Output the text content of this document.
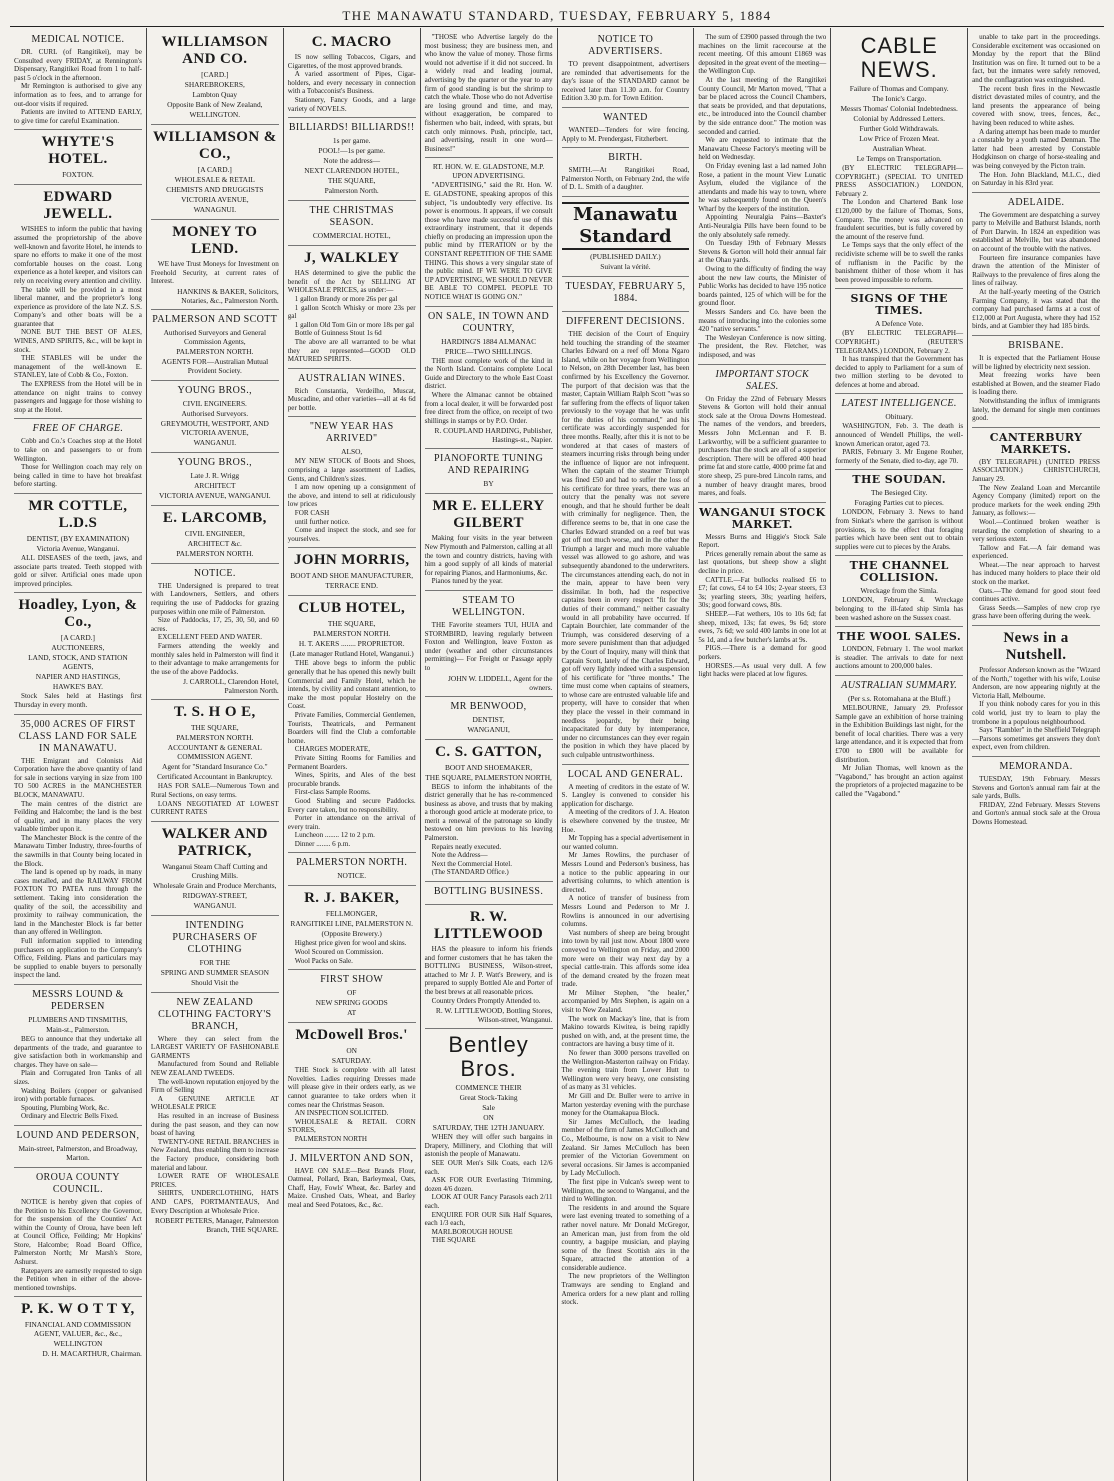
THE MANAWATU STANDARD, TUESDAY, FEBRUARY 5, 1884
MEDICAL NOTICE.

DR. CURL (of Rangitikei), may be Consulted every FRIDAY, at Rennington's Dispensary, Rangitikei Road from 1 to half-past 5 o'clock in the afternoon.

Mr Remington is authorised to give any information as to fees, and to arrange for out-door visits if required.

Patients are invited to ATTEND EARLY, to give time for careful Examination.

WHYTE'S HOTEL.
FOXTON.
EDWARD JEWELL.

WISHES to inform the public that having assumed the proprietorship of the above well-known and favorite Hotel, he intends to spare no efforts to make it one of the most comfortable houses on the coast. Long experience as a hotel keeper, and visitors can rely on receiving every attention and civility.

The table will be provided in a most liberal manner, and the proprietor's long experience as providore of the late N.Z. S.S. Company's and other boats will be a guarantee that

NONE BUT THE BEST OF ALES, WINES, AND SPIRITS, &c., will be kept in stock.

THE STABLES will be under the management of the well-known E. STANLEY, late of Cobb & Co., Foxton.

The EXPRESS from the Hotel will be in attendance on night trains to convey passengers and luggage for those wishing to stop at the Hotel.

FREE OF CHARGE.

Cobb and Co.'s Coaches stop at the Hotel to take on and passengers to or from Wellington.

Those for Wellington coach may rely on being called in time to have hot breakfast before starting.

MR COTTLE, L.D.S
DENTIST, (BY EXAMINATION)
Victoria Avenue, Wanganui.

ALL DISEASES of the teeth, jaws, and associate parts treated. Teeth stopped with gold or silver. Artificial ones made upon improved principles.

Hoadley, Lyon, & Co.,
[A CARD.]
AUCTIONEERS,
LAND, STOCK, AND STATION AGENTS,
NAPIER AND HASTINGS,
HAWKE'S BAY.

Stock Sales held at Hastings first Thursday in every month.

35,000 ACRES OF FIRST CLASS LAND FOR SALE IN MANAWATU.

THE Emigrant and Colonists Aid Corporation have the above quantity of land for sale in sections varying in size from 100 TO 500 ACRES in the MANCHESTER BLOCK, MANAWATU.

The main centres of the district are Feilding and Halcombe; the land is the best of quality, and in many places the very valuable timber upon it.

The Manchester Block is the centre of the Manawatu Timber Industry, three-fourths of the sawmills in that County being located in the Block.

The land is opened up by roads, in many cases metalled, and the RAILWAY FROM FOXTON TO PATEA runs through the settlement. Taking into consideration the quality of the soil, the accessibility and proximity to railway communication, the land in the Manchester Block is far better than any offered in Wellington.

Full information supplied to intending purchasers on application to the Company's Office, Feilding. Plans and particulars may be supplied to enable buyers to personally inspect the land.

MESSRS LOUND & PEDERSEN
PLUMBERS AND TINSMITHS,
Main-st., Palmerston.

BEG to announce that they undertake all departments of the trade, and guarantee to give satisfaction both in workmanship and charges. They have on sale—

Plain and Corrugated Iron Tanks of all sizes.

Washing Boilers (copper or galvanised iron) with portable furnaces.

Spouting, Plumbing Work, &c.

Ordinary and Electric Bells Fixed.

LOUND AND PEDERSON,
Main-street, Palmerston, and Broadway, Marton.
OROUA COUNTY COUNCIL.

NOTICE is hereby given that copies of the Petition to his Excellency the Governor, for the suspension of the Counties' Act within the County of Oroua, have been left at Council Office, Feilding; Mr Hopkins' Store, Halcombe; Road Board Office, Palmerston North; Mr Marsh's Store, Ashurst.

Ratepayers are earnestly requested to sign the Petition when in either of the above-mentioned townships.

P. K. W O T T Y,
FINANCIAL AND COMMISSION AGENT, VALUER, &c., &c.,
WELLINGTON
D. H. MACARTHUR, Chairman.
WILLIAMSON AND CO.
[CARD.]
SHAREBROKERS,
Lambton Quay
Opposite Bank of New Zealand,
WELLINGTON.
WILLIAMSON & CO.,
[A CARD.]
WHOLESALE & RETAIL
CHEMISTS AND DRUGGISTS
VICTORIA AVENUE,
WANAGNUI.
MONEY TO LEND.

WE have Trust Moneys for Investment on Freehold Security, at current rates of Interest.

HANKINS & BAKER, Solicitors, Notaries, &c., Palmerston North.
PALMERSON AND SCOTT
Authorised Surveyors and General Commission Agents,
PALMERSTON NORTH.
AGENTS FOR—Australian Mutual Provident Society.
YOUNG BROS.,
CIVIL ENGINEERS.
Authorised Surveyors.
GREYMOUTH, WESTPORT, AND VICTORIA AVENUE,
WANGANUI.
YOUNG BROS.,
Late J. R. Wrigg
ARCHITECT
VICTORIA AVENUE, WANGANUI.
E. LARCOMB,
CIVIL ENGINEER,
ARCHITECT &c.
PALMERSTON NORTH.
NOTICE.

THE Undersigned is prepared to treat with Landowners, Settlers, and others requiring the use of Paddocks for grazing purposes within one mile of Palmerston.

Size of Paddocks, 17, 25, 30, 50, and 60 acres.

EXCELLENT FEED AND WATER.

Farmers attending the weekly and monthly sales held in Palmerston will find it to their advantage to make arrangements for the use of the above Paddocks.

J. CARROLL, Clarendon Hotel, Palmerston North.
T. S. H O E,
THE SQUARE,
PALMERSTON NORTH.
ACCOUNTANT & GENERAL COMMISSION AGENT.
Agent for "Standard Insurance Co."
Certificated Accountant in Bankruptcy.

HAS FOR SALE—Numerous Town and Rural Sections, on easy terms.

LOANS NEGOTIATED AT LOWEST CURRENT RATES

WALKER AND PATRICK,
Wanganui Steam Chaff Cutting and Crushing Mills.
Wholesale Grain and Produce Merchants,
RIDGWAY-STREET,
WANGANUI.
INTENDING PURCHASERS OF CLOTHING
FOR THE
SPRING AND SUMMER SEASON
Should Visit the
NEW ZEALAND CLOTHING FACTORY'S BRANCH,

Where they can select from the LARGEST VARIETY OF FASHIONABLE GARMENTS

Manufactured from Sound and Reliable NEW ZEALAND TWEEDS.

The well-known reputation enjoyed by the Firm of Selling

A GENUINE ARTICLE AT WHOLESALE PRICE

Has resulted in an increase of Business during the past season, and they can now boast of having

TWENTY-ONE RETAIL BRANCHES in New Zealand, thus enabling them to increase the Factory produce, considering both material and labour.

LOWER RATE OF WHOLESALE PRICES.

SHIRTS, UNDERCLOTHING, HATS AND CAPS, PORTMANTEAUS, And Every Description at Wholesale Price.

ROBERT PETERS, Manager, Palmerston Branch, THE SQUARE.
C. MACRO

IS now selling Tobaccos, Cigars, and Cigarettes, of the most approved brands.

A varied assortment of Pipes, Cigar-holders, and every necessary in connection with a Tobacconist's Business.

Stationery, Fancy Goods, and a large variety of NOVELS.

BILLIARDS! BILLIARDS!!
1s per game.
POOL!—1s per game.
Note the address—
NEXT CLARENDON HOTEL,
THE SQUARE,
Palmerston North.
THE CHRISTMAS SEASON.
COMMERCIAL HOTEL,
J, WALKLEY

HAS determined to give the public the benefit of the Act by SELLING AT WHOLESALE PRICES, as under:—

1 gallon Brandy or more 26s per gal

1 gallon Scotch Whisky or more 23s per gal

1 gallon Old Tom Gin or more 18s per gal

Bottle of Guinness Stout 1s 6d

The above are all warranted to be what they are represented—GOOD OLD MATURED SPIRITS.

AUSTRALIAN WINES.

Rich Constantia, Verdeilho, Muscat, Muscadine, and other varieties—all at 4s 6d per bottle.

"NEW YEAR HAS ARRIVED"
ALSO,

MY NEW STOCK of Boots and Shoes, comprising a large assortment of Ladies, Gents, and Children's sizes.

I am now opening up a consignment of the above, and intend to sell at ridiculously low prices

FOR CASH

until further notice.

Come and inspect the stock, and see for yourselves.

JOHN MORRIS,
BOOT AND SHOE MANUFACTURER,
TERRACE END.
CLUB HOTEL,
THE SQUARE,
PALMERSTON NORTH.
H. T. AKERS ........ PROPRIETOR.
(Late manager Rutland Hotel, Wanganui.)

THE above begs to inform the public generally that he has opened this newly built Commercial and Family Hotel, which he intends, by civility and constant attention, to make the most popular Hostelry on the Coast.

Private Families, Commercial Gentlemen, Tourists, Theatricals, and Permanent Boarders will find the Club a comfortable home.

CHARGES MODERATE,

Private Sitting Rooms for Families and Permanent Boarders.

Wines, Spirits, and Ales of the best procurable brands.

First-class Sample Rooms.

Good Stabling and secure Paddocks. Every care taken, but no responsibility.

Porter in attendance on the arrival of every train.

Luncheon ........ 12 to 2 p.m.

Dinner ........ 6 p.m.

PALMERSTON NORTH.
NOTICE.
R. J. BAKER,
FELLMONGER,
RANGITIKEI LINE, PALMERSTON N.
(Opposite Brewery.)

Highest price given for wool and skins.

Wool Scoured on Commission.

Wool Packs on Sale.

FIRST SHOW
OF
NEW SPRING GOODS
AT
McDowell Bros.'
ON
SATURDAY.

THE Stock is complete with all latest Novelties. Ladies requiring Dresses made will please give in their orders early, as we cannot guarantee to take orders when it comes near the Christmas Season.

AN INSPECTION SOLICITED.

WHOLESALE & RETAIL CORN STORES,

PALMERSTON NORTH

J. MILVERTON AND SON,

HAVE ON SALE—Best Brands Flour, Oatmeal, Pollard, Bran, Barleymeal, Oats, Chaff, Hay, Fowls' Wheat, &c. Barley and Maize. Crushed Oats, Wheat, and Barley meal and Seed Potatoes, &c., &c.

"THOSE who Advertise largely do the most business; they are business men, and who know the value of money. Those firms would not advertise if it did not succeed. In a widely read and leading journal, advertising by the quarter or the year to any firm of good standing is but the shrimp to catch the whale. Those who do not Advertise are losing ground and time, and may, without exaggeration, be compared to fishermen who bait, indeed, with sprats, but catch only minnows. Push, principle, tact, and advertising, result in one word— Business!"

RT. HON. W. E. GLADSTONE, M.P. UPON ADVERTISING.

"ADVERTISING," said the Rt. Hon. W. E. GLADSTONE, speaking apropos of this subject, "is undoubtedly very effective. Its power is enormous. It appears, if we consult those who have made successful use of this extraordinary instrument, that it depends chiefly on producing an impression upon the public mind by ITERATION or by the CONSTANT REPETITION OF THE SAME THING. This shows a very singular state of the public mind. IF WE WERE TO GIVE UP ADVERTISING, WE SHOULD NEVER BE ABLE TO COMPEL PEOPLE TO NOTICE WHAT IS GOING ON."

ON SALE, IN TOWN AND COUNTRY,
HARDING'S 1884 ALMANAC
PRICE—TWO SHILLINGS.

THE most complete work of the kind in the North Island. Contains complete Local Guide and Directory to the whole East Coast district.

Where the Almanac cannot be obtained from a local dealer, it will be forwarded post free direct from the office, on receipt of two shillings in stamps or by P.O. Order.

R. COUPLAND HARDING, Publisher, Hastings-st., Napier.
PIANOFORTE TUNING AND REPAIRING
BY
MR E. ELLERY GILBERT

Making four visits in the year between New Plymouth and Palmerston, calling at all the town and country districts, having with him a good supply of all kinds of material for repairing Pianos, and Harmoniums, &c.

Pianos tuned by the year.

STEAM TO WELLINGTON.

THE Favorite steamers TUI, HUIA and STORMBIRD, leaving regularly between Foxton and Wellington, leave Foxton as under (weather and other circumstances permitting)— For Freight or Passage apply to

JOHN W. LIDDELL, Agent for the owners.
MR BENWOOD,
DENTIST,
WANGANUI,
C. S. GATTON,
BOOT AND SHOEMAKER,
THE SQUARE, PALMERSTON NORTH,

BEGS to inform the inhabitants of the district generally that he has re-commenced business as above, and trusts that by making a thorough good article at moderate price, to merit a renewal of the patronage so kindly bestowed on him previous to his leaving Palmerston.

Repairs neatly executed.

Note the Address—

Next the Commercial Hotel.

(The STANDARD Office.)

BOTTLING BUSINESS.
R. W. LITTLEWOOD

HAS the pleasure to inform his friends and former customers that he has taken the BOTTLING BUSINESS, Wilson-street, attached to Mr J. P. Watt's Brewery, and is prepared to supply Bottled Ale and Porter of the best brews at all reasonable prices.

Country Orders Promptly Attended to.

R. W. LITTLEWOOD, Bottling Stores, Wilson-street, Wanganui.
Bentley Bros.
COMMENCE THEIR
Great Stock-Taking
Sale
ON
SATURDAY, THE 12TH JANUARY.

WHEN they will offer such bargains in Drapery, Millinery, and Clothing that will astonish the people of Manawatu.

SEE OUR Men's Silk Coats, each 12/6 each.

ASK FOR OUR Everlasting Trimming, dozen 4/6 dozen.

LOOK AT OUR Fancy Parasols each 2/11 each.

ENQUIRE FOR OUR Silk Half Squares, each 1/3 each,

MARLBOROUGH HOUSE

THE SQUARE

NOTICE TO ADVERTISERS.

TO prevent disappointment, advertisers are reminded that advertisements for the day's issue of the STANDARD cannot be received later than 11.30 a.m. for Country Edition 3.30 p.m. for Town Edition.

WANTED

WANTED—Tenders for wire fencing. Apply to M. Prendergast, Fitzherbert.

BIRTH.

SMITH.—At Rangitikei Road, Palmerston North, on February 2nd, the wife of D. L. Smith of a daughter.

Manawatu Standard
(PUBLISHED DAILY.)
Suivant la vérité.
TUESDAY, FEBRUARY 5, 1884.
DIFFERENT DECISIONS.

THE decision of the Court of Enquiry held touching the stranding of the steamer Charles Edward on a reef off Mona Ngaro Island, while on her voyage from Wellington to Nelson, on 28th December last, has been confirmed by his Excellency the Governor. The purport of that decision was that the master, Captain William Ralph Scott "was so far suffering from the effects of liquor taken previously to the voyage that he was unfit for the duties of his command," and his certificate was accordingly suspended for three months. Really, after this it is not to be wondered at that cases of masters of steamers incurring risks through being under the influence of liquor are not infrequent. When the captain of the steamer Triumph was fined £50 and had to suffer the loss of his certificate for three years, there was an outcry that the penalty was not severe enough, and that he should further be dealt with criminally for negligence. Then, the difference seems to be, that in one case the Charles Edward stranded on a reef but was got off not much worse, and in the other the Triumph a larger and much more valuable vessel was allowed to go ashore, and was subsequently abandoned to the underwriters. The circumstances attending each, do not in the main, appear to have been very dissimilar. In both, had the respective captains been in every respect "fit for the duties of their command," neither casualty would in all probability have occurred. If Captain Bourchier, late commander of the Triumph, was considered deserving of a more severe punishment than that adjudged by the Court of Inquiry, many will think that Captain Scott, lately of the Charles Edward, got off very lightly indeed with a suspension of his certificate for "three months." The time must come when captains of steamers, to whose care are entrusted valuable life and property, will have to consider that when they place the vessel in their command in needless jeopardy, by their being incapacitated for duty by intemperance, under no circumstances can they ever regain the position in which they have placed by such culpable untrustworthiness.

LOCAL AND GENERAL.

A meeting of creditors in the estate of W. S. Langley is convened to consider his application for discharge.

A meeting of the creditors of J. A. Heaton is elsewhere convened by the trustee, Mr Hoe.

Mr Topping has a special advertisement in our wanted column.

Mr James Rowlins, the purchaser of Messrs Lound and Pederson's business, has a notice to the public appearing in our advertising columns, to which attention is directed.

A notice of transfer of business from Messrs Lound and Pederson to Mr J. Rowlins is announced in our advertising columns.

Vast numbers of sheep are being brought into town by rail just now. About 1800 were conveyed to Wellington on Friday, and 2000 more were on their way next day by a special cattle-train. This affords some idea of the demand created by the frozen meat trade.

Mr Milner Stephen, "the healer," accompanied by Mrs Stephen, is again on a visit to New Zealand.

The work on Mackay's line, that is from Makino towards Kiwitea, is being rapidly pushed on with, and, at the present time, the contractors are having a busy time of it.

No fewer than 3000 persons travelled on the Wellington-Masterton railway on Friday. The evening train from Lower Hutt to Wellington were very heavy, one consisting of as many as 31 vehicles.

Mr Gill and Dr. Buller were to arrive in Marton yesterday evening with the purchase money for the Otamakapua Block.

Sir James McCulloch, the leading member of the firm of James McCulloch and Co., Melbourne, is now on a visit to New Zealand. Sir James McCulloch has been premier of the Victorian Government on several occasions. Sir James is accompanied by Lady McCulloch.

The first pipe in Vulcan's sweep went to Wellington, the second to Wanganui, and the third to Wellington.

The residents in and around the Square were last evening treated to something of a rather novel nature. Mr Donald McGregor, an American man, just from from the old country, a bagpipe musician, and playing some of the finest Scottish airs in the Square, attracted the attention of a considerable audience.

The new proprietors of the Wellington Tramways are sending to England and America orders for a new plant and rolling stock.

The sum of £3900 passed through the two machines on the limit racecourse at the recent meeting. Of this amount £1869 was deposited in the great event of the meeting—the Wellington Cup.

At the last meeting of the Rangitikei County Council, Mr Marton moved, "That a bar be placed across the Council Chambers, that seats be provided, and that deputations, etc., be introduced into the Council chamber by the side entrance door." The motion was seconded and carried.

We are requested to intimate that the Manawatu Cheese Factory's meeting will be held on Wednesday.

On Friday evening last a lad named John Rose, a patient in the mount View Lunatic Asylum, eluded the vigilance of the attendants and made his way to town, where he was subsequently found on the Queen's Wharf by the keepers of the institution.

Appointing Neuralgia Pains—Baxter's Anti-Neuralgia Pills have been found to be the only absolutely safe remedy.

On Tuesday 19th of February Messrs Stevens & Gorton will hold their annual fair at the Ohau yards.

Owing to the difficulty of finding the way about the new law courts, the Minister of Public Works has decided to have 195 notice boards painted, 125 of which will be for the ground floor.

Messrs Sanders and Co. have been the means of introducing into the colonies some 420 "native servants."

The Wesleyan Conference is now sitting. The president, the Rev. Fletcher, was indisposed, and was

IMPORTANT STOCK SALES.

On Friday the 22nd of February Messrs Stevens & Gorton will hold their annual stock sale at the Oroua Downs Homestead. The names of the vendors, and breeders, Messrs John McLennan and F. B. Larkworthy, will be a sufficient guarantee to purchasers that the stock are all of a superior description. There will be offered 400 head prime fat and store cattle, 4000 prime fat and store sheep, 25 pure-bred Lincoln rams, and a number of heavy draught mares, brood mares, and foals.

WANGANUI STOCK MARKET.

Messrs Burns and Higgie's Stock Sale Report.

Prices generally remain about the same as last quotations, but sheep show a slight decline in price.

CATTLE.—Fat bullocks realised £6 to £7; fat cows, £4 to £4 10s; 2-year steers, £3 3s; yearling steers, 30s; yearling heifers, 30s; good forward cows, 80s.

SHEEP.—Fat wethers, 10s to 10s 6d; fat sheep, mixed, 13s; fat ewes, 9s 6d; store ewes, 7s 6d; we sold 400 lambs in one lot at 5s 1d, and a few butcher's lambs at 9s.

PIGS.—There is a demand for good porkers.

HORSES.—As usual very dull. A few light hacks were placed at low figures.

CABLE NEWS.
Failure of Thomas and Company.
The Ionic's Cargo.
Messrs Thomas' Colonial Indebtedness.
Colonial by Addressed Letters.
Further Gold Withdrawals.
Low Price of Frozen Meat.
Australian Wheat.
Le Temps on Transportation.

(BY ELECTRIC TELEGRAPH—COPYRIGHT.) (SPECIAL TO UNITED PRESS ASSOCIATION.) LONDON, February 2.

The London and Chartered Bank lose £120,000 by the failure of Thomas, Sons, Company. The money was advanced on fraudulent securities, but is fully covered by the amount of the reserve fund.

Le Temps says that the only effect of the recidiviste scheme will be to swell the ranks of ruffianism in the Pacific by the banishment thither of those whom it has been proved impossible to reform.

SIGNS OF THE TIMES.
A Defence Vote.

(BY ELECTRIC TELEGRAPH—COPYRIGHT.) (REUTER'S TELEGRAMS.) LONDON, February 2.

It has transpired that the Government has decided to apply to Parliament for a sum of two million sterling to be devoted to defences at home and abroad.

LATEST INTELLIGENCE.
Obituary.

WASHINGTON, Feb. 3. The death is announced of Wendell Phillips, the well-known American orator, aged 73.

PARIS, February 3. Mr Eugene Rouher, formerly of the Senate, died to-day, age 70.

THE SOUDAN.
The Besieged City.
Foraging Parties cut to pieces.

LONDON, February 3. News to hand from Sinkat's where the garrison is without provisions, is to the effect that foraging parties which have been sent out to obtain supplies were cut to pieces by the Arabs.

THE CHANNEL COLLISION.
Wreckage from the Simla.

LONDON, February 4. Wreckage belonging to the ill-fated ship Simla has been washed ashore on the Sussex coast.

THE WOOL SALES.

LONDON, February 1. The wool market is steadier. The arrivals to date for next auctions amount to 200,000 bales.

AUSTRALIAN SUMMARY.
(Per s.s. Rotomahana at the Bluff.)

MELBOURNE, January 29. Professor Sample gave an exhibition of horse training in the Exhibition Buildings last night, for the benefit of local charities. There was a very large attendance, and it is expected that from £700 to £800 will be available for distribution.

Mr Julian Thomas, well known as the "Vagabond," has brought an action against the proprietors of a projected magazine to be called the "Vagabond."

unable to take part in the proceedings. Considerable excitement was occasioned on Monday by the report that the Blind Institution was on fire. It turned out to be a fact, but the inmates were safely removed, and the conflagration was extinguished.

The recent bush fires in the Newcastle district devastated miles of country, and the land presents the appearance of being covered with snow, trees, fences, &c., having been reduced to white ashes.

A daring attempt has been made to murder a constable by a youth named Denman. The latter had been arrested by Constable Hodgkinson on charge of horse-stealing and was being conveyed by the Picton train.

The Hon. John Blackland, M.L.C., died on Saturday in his 83rd year.

ADELAIDE.

The Government are despatching a survey party to Melville and Bathurst Islands, north of Port Darwin. In 1824 an expedition was established at Melville, but was abandoned on account of the trouble with the natives.

Fourteen fire insurance companies have drawn the attention of the Minister of Railways to the prevalence of fires along the lines of railway.

At the half-yearly meeting of the Ostrich Farming Company, it was stated that the company had purchased farms at a cost of £12,000 at Port Augusta, where they had 152 birds, and at Gambier they had 185 birds.

BRISBANE.

It is expected that the Parliament House will be lighted by electricity next session.

Meat freezing works have been established at Bowen, and the steamer Fiado is loading there.

Notwithstanding the influx of immigrants lately, the demand for single men continues good.

CANTERBURY MARKETS.

(BY TELEGRAPH.) (UNITED PRESS ASSOCIATION.) CHRISTCHURCH, January 29.

The New Zealand Loan and Mercantile Agency Company (limited) report on the produce markets for the week ending 29th January, as follows:—

Wool.—Continued broken weather is retarding the completion of shearing to a very serious extent.

Tallow and Fat.—A fair demand was experienced.

Wheat.—The near approach to harvest has induced many holders to place their old stock on the market.

Oats.—The demand for good stout feed continues active.

Grass Seeds.—Samples of new crop rye grass have been offering during the week.

News in a Nutshell.

Professor Anderson known as the "Wizard of the North," together with his wife, Louise Anderson, are now appearing nightly at the Victoria Hall, Melbourne.

If you think nobody cares for you in this cold world, just try to learn to play the trombone in a populous neighbourhood.

Says "Rambler" in the Sheffield Telegraph—Parsons sometimes get answers they don't expect, even from children.

MEMORANDA.

TUESDAY, 19th February. Messrs Stevens and Gorton's annual ram fair at the sale yards, Bulls.

FRIDAY, 22nd February. Messrs Stevens and Gorton's annual stock sale at the Oroua Downs Homestead.
